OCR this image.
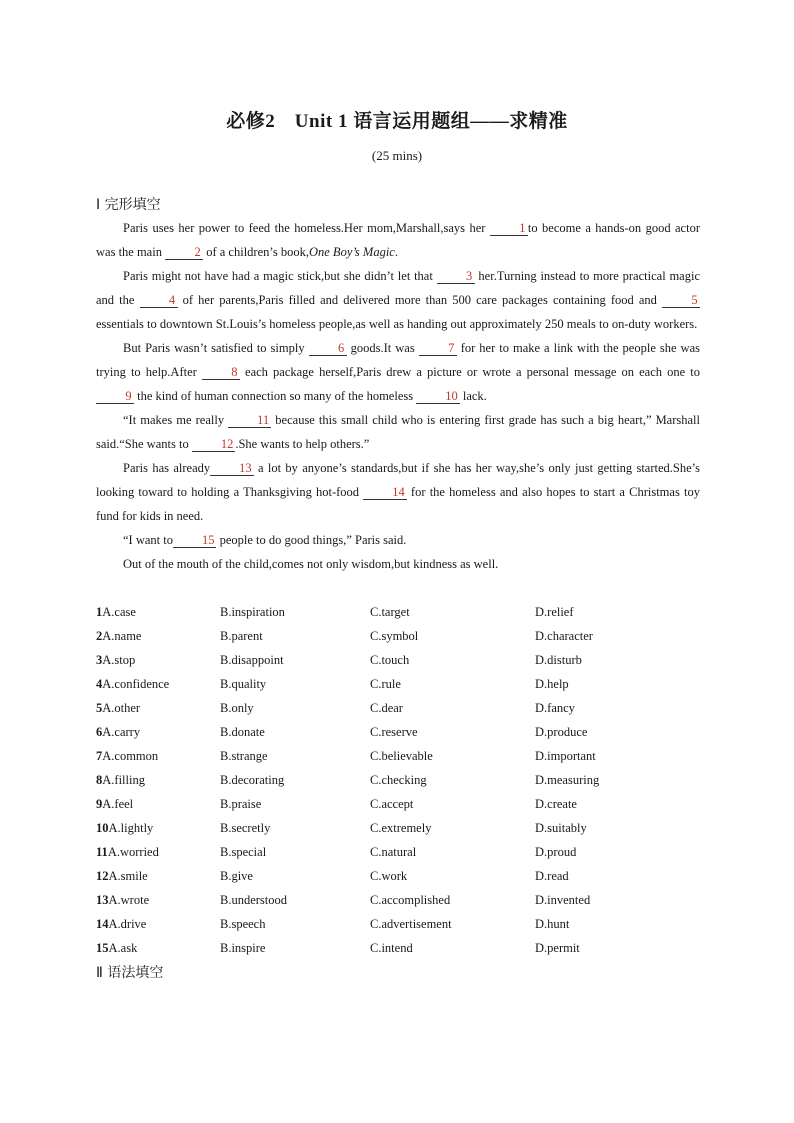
必修2　Unit 1 语言运用题组——求精准
(25 mins)
Ⅰ 完形填空

Paris uses her power to feed the homeless.Her mom,Marshall,says her 1 to become a hands-on good actor was the main 2 of a children’s book,One Boy’s Magic.

Paris might not have had a magic stick,but she didn’t let that 3 her.Turning instead to more practical magic and the 4 of her parents,Paris filled and delivered more than 500 care packages containing food and 5 essentials to downtown St.Louis’s homeless people,as well as handing out approximately 250 meals to on-duty workers.

But Paris wasn’t satisfied to simply 6 goods.It was 7 for her to make a link with the people she was trying to help.After 8 each package herself,Paris drew a picture or wrote a personal message on each one to 9 the kind of human connection so many of the homeless 10 lack.

“It makes me really 11 because this small child who is entering first grade has such a big heart,” Marshall said.“She wants to 12 .She wants to help others.”

Paris has already 13 a lot by anyone’s standards,but if she has her way,she’s only just getting started.She’s looking toward to holding a Thanksgiving hot-food 14 for the homeless and also hopes to start a Christmas toy fund for kids in need.

“I want to 15 people to do good things,” Paris said.

Out of the mouth of the child,comes not only wisdom,but kindness as well.

1A.case	B.inspiration	C.target	D.relief
2A.name	B.parent	C.symbol	D.character
3A.stop	B.disappoint	C.touch	D.disturb
4A.confidence	B.quality	C.rule	D.help
5A.other	B.only	C.dear	D.fancy
6A.carry	B.donate	C.reserve	D.produce
7A.common	B.strange	C.believable	D.important
8A.filling	B.decorating	C.checking	D.measuring
9A.feel	B.praise	C.accept	D.create
10A.lightly	B.secretly	C.extremely	D.suitably
11A.worried	B.special	C.natural	D.proud
12A.smile	B.give	C.work	D.read
13A.wrote	B.understood	C.accomplished	D.invented
14A.drive	B.speech	C.advertisement	D.hunt
15A.ask	B.inspire	C.intend	D.permit
Ⅱ 语法填空
